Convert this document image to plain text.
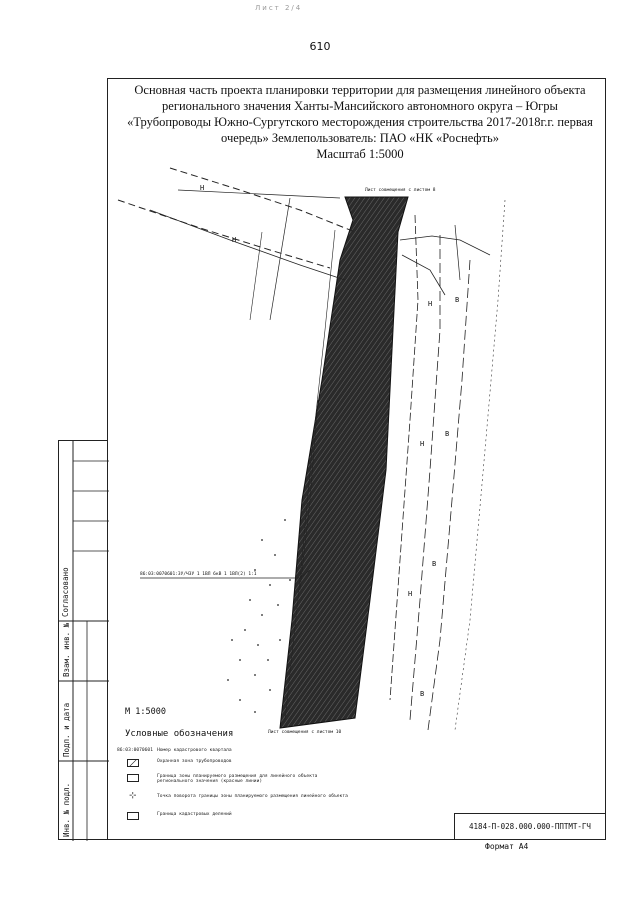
Лист 2/4
610
Основная часть проекта планировки территории для размещения линейного объекта
регионального значения Ханты-Мансийского автономного округа – Югры
«Трубопроводы Южно-Сургутского месторождения строительства 2017-2018г.г. первая
очередь» Землепользователь: ПАО «НК «Роснефть»
Масштаб 1:5000
Лист совмещения с листом 8
Лист совмещения с листом 10
86:03:0070601:ЗУ/ЧЗУ 1 1ВЛ 6кВ 1 1ВЛ(2) 1:1
Н
Н
Н
Н
Н
В
В
В
В
Согласовано
Взам. инв. №
Подп. и дата
Инв. № подл.
М 1:5000
Условные обозначения
86:03:0070601 Номер кадастрового квартала
Охранная зона трубопроводов
Граница зоны планируемого размещения для линейного объекта регионального значения (красные линии)
⊹	Точка поворота границы зоны планируемого размещения линейного объекта
Граница кадастровых делений
4184-П-028.000.000-ППТМТ-ГЧ
Формат А4
